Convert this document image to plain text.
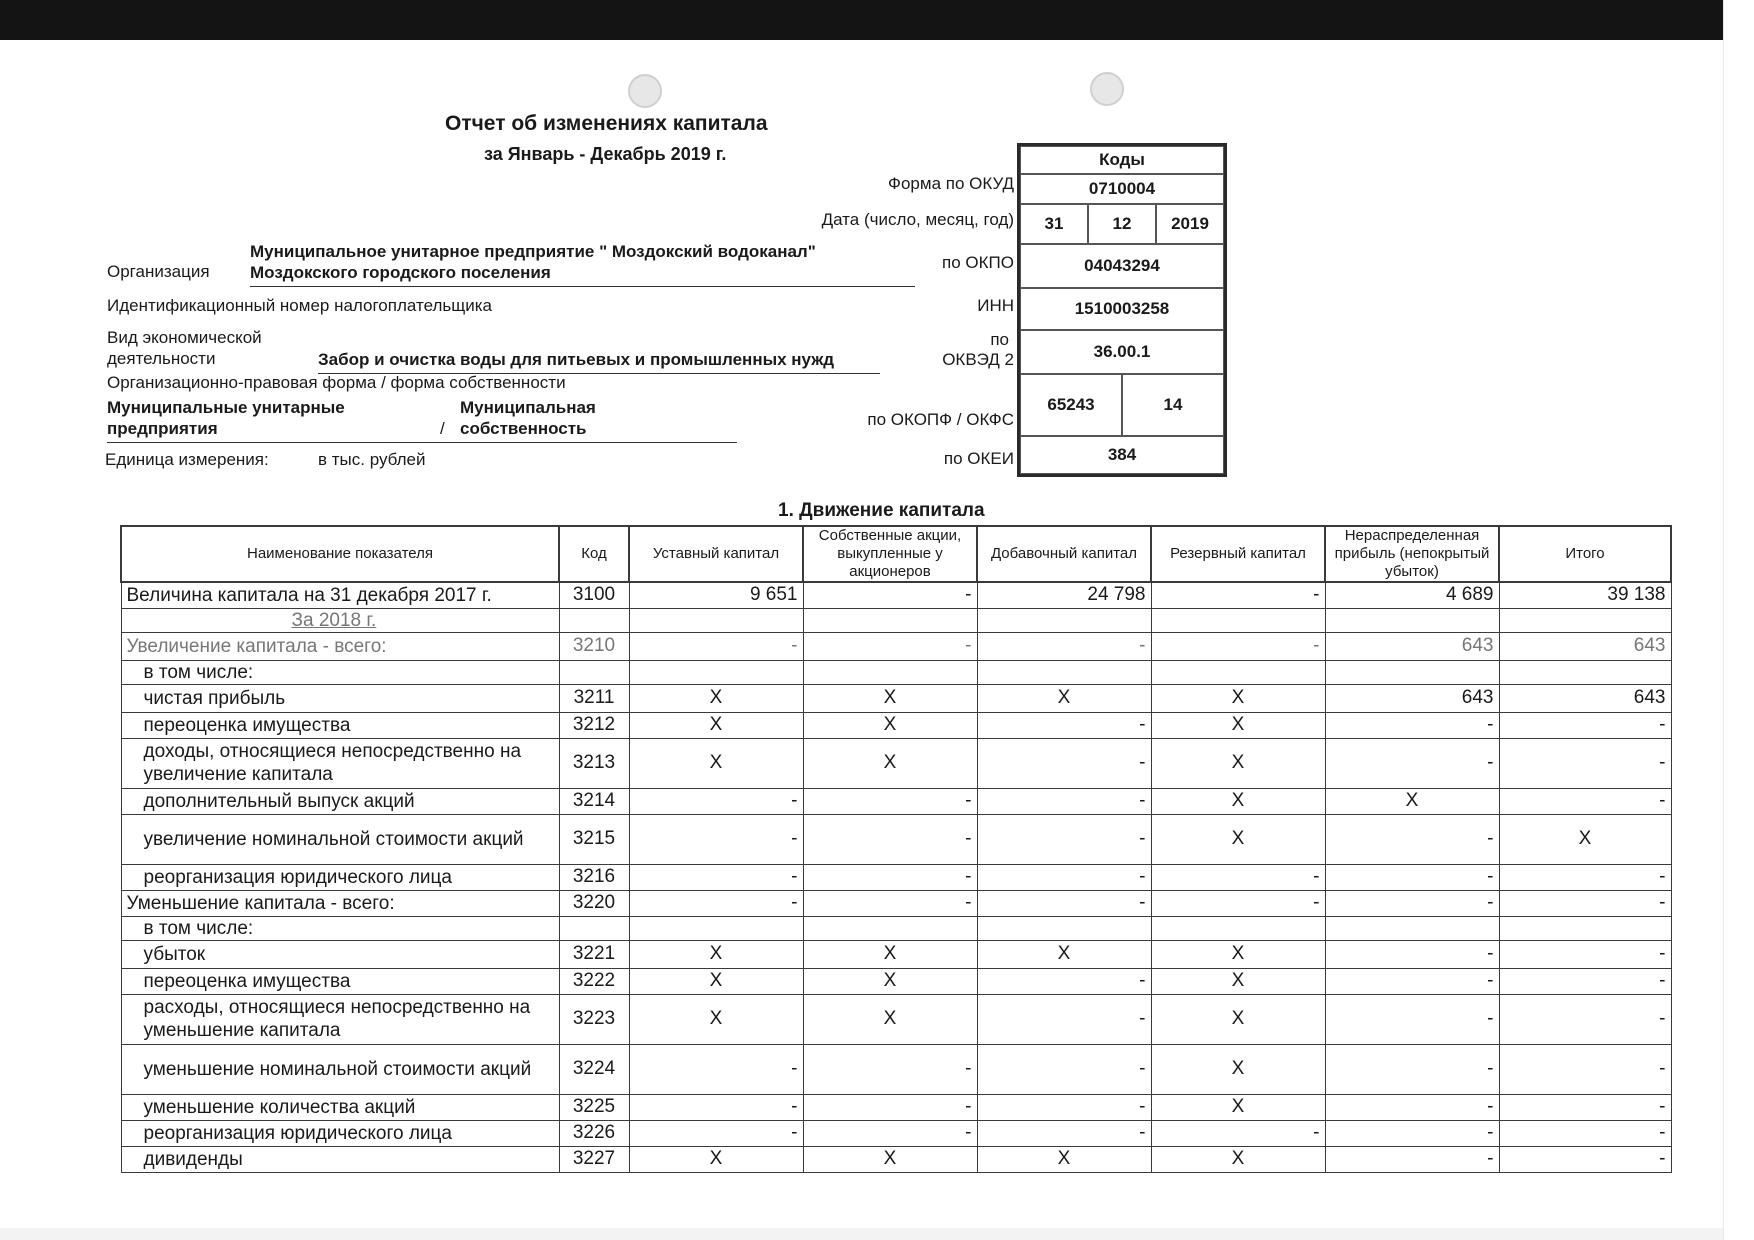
Отчет об изменениях капитала
за Январь - Декабрь 2019 г.
Организация
Муниципальное унитарное предприятие " Моздокский водоканал"
Моздокского городского поселения
Идентификационный номер налогоплательщика
Вид экономической
деятельности	Забор и очистка воды для питьевых и промышленных нужд
Организационно-правовая форма / форма собственности
Муниципальные унитарные
предприятия	/
Муниципальная
собственность
Единица измерения:	в тыс. рублей
Форма по ОКУД
Дата (число, месяц, год)
по ОКПО
ИНН
по
ОКВЭД 2
по ОКОПФ / ОКФС
по ОКЕИ
Коды
0710004
31	12	2019
04043294
1510003258
36.00.1
65243	14
384
1. Движение капитала
Наименование показателя	Код	Уставный капитал	Собственные акции, выкупленные у акционеров	Добавочный капитал	Резервный капитал	Нераспределенная прибыль (непокрытый убыток)	Итого
Величина капитала на 31 декабря 2017 г.	3100	9 651	-	24 798	-	4 689	39 138
За 2018 г.							
Увеличение капитала - всего:	3210	-	-	-	-	643	643
в том числе:							
чистая прибыль	3211	X	X	X	X	643	643
переоценка имущества	3212	X	X	-	X	-	-
доходы, относящиеся непосредственно на увеличение капитала	3213	X	X	-	X	-	-
дополнительный выпуск акций	3214	-	-	-	X	X	-
увеличение номинальной стоимости акций	3215	-	-	-	X	-	X
реорганизация юридического лица	3216	-	-	-	-	-	-
Уменьшение капитала - всего:	3220	-	-	-	-	-	-
в том числе:							
убыток	3221	X	X	X	X	-	-
переоценка имущества	3222	X	X	-	X	-	-
расходы, относящиеся непосредственно на уменьшение капитала	3223	X	X	-	X	-	-
уменьшение номинальной стоимости акций	3224	-	-	-	X	-	-
уменьшение количества акций	3225	-	-	-	X	-	-
реорганизация юридического лица	3226	-	-	-	-	-	-
дивиденды	3227	X	X	X	X	-	-
